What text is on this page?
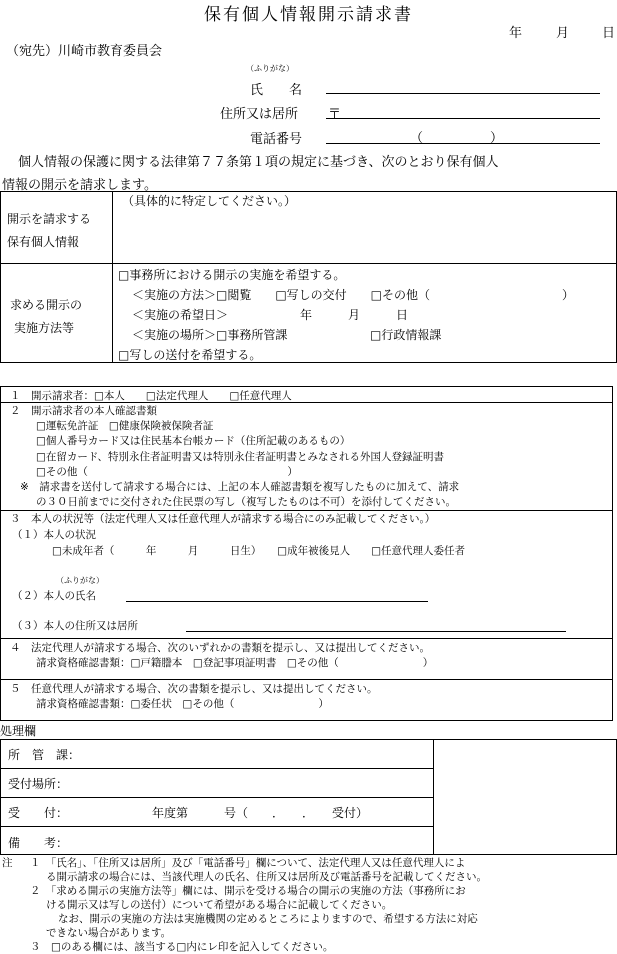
保有個人情報開示請求書
年	月	日
（宛先）川崎市教育委員会
（ふりがな）
氏　　名
住所又は居所 〒
電話番号	（	）
個人情報の保護に関する法律第７７条第１項の規定に基づき、次のとおり保有個人
情報の開示を請求します。
開示を請求する
保有個人情報
（具体的に特定してください。）
求める開示の
実施方法等
□事務所における開示の実施を希望する。
＜実施の方法＞□閲覧　　□写しの交付　　□その他（　　　　　　　　　　　）
＜実施の希望日＞	年　　　月　　　日
＜実施の場所＞□事務所管課	□行政情報課
□写しの送付を希望する。
１　開示請求者：□本人　　□法定代理人　　□任意代理人
２　開示請求者の本人確認書類
□運転免許証　□健康保険被保険者証
□個人番号カード又は住民基本台帳カード（住所記載のあるもの）
□在留カード、特別永住者証明書又は特別永住者証明書とみなされる外国人登録証明書
□その他（　　　　　　　　　　　　　　　　　　　）
※　請求書を送付して請求する場合には、上記の本人確認書類を複写したものに加えて、請求
の３０日前までに交付された住民票の写し（複写したものは不可）を添付してください。
３　本人の状況等（法定代理人又は任意代理人が請求する場合にのみ記載してください。）
（１）本人の状況
□未成年者（　　　年　　　月　　　日生）　　□成年被後見人　　□任意代理人委任者
（ふりがな）
（２）本人の氏名
（３）本人の住所又は居所
４　法定代理人が請求する場合、次のいずれかの書類を提示し、又は提出してください。
請求資格確認書類：□戸籍謄本　□登記事項証明書　□その他（　　　　　　　　）
５　任意代理人が請求する場合、次の書類を提示し、又は提出してください。
請求資格確認書類：□委任状　□その他（　　　　　　　　）
処理欄
所　管　課：
受付場所：
受　　付：	年度第　　　号（　　．　　．　　受付）
備　　考：
注 １　「氏名」、「住所又は居所」及び「電話番号」欄について、法定代理人又は任意代理人によ
る開示請求の場合には、当該代理人の氏名、住所又は居所及び電話番号を記載してください。
２　「求める開示の実施方法等」欄には、開示を受ける場合の開示の実施の方法（事務所にお
ける開示又は写しの送付）について希望がある場合に記載してください。
なお、開示の実施の方法は実施機関の定めるところによりますので、希望する方法に対応
できない場合があります。
３　□のある欄には、該当する□内にレ印を記入してください。
